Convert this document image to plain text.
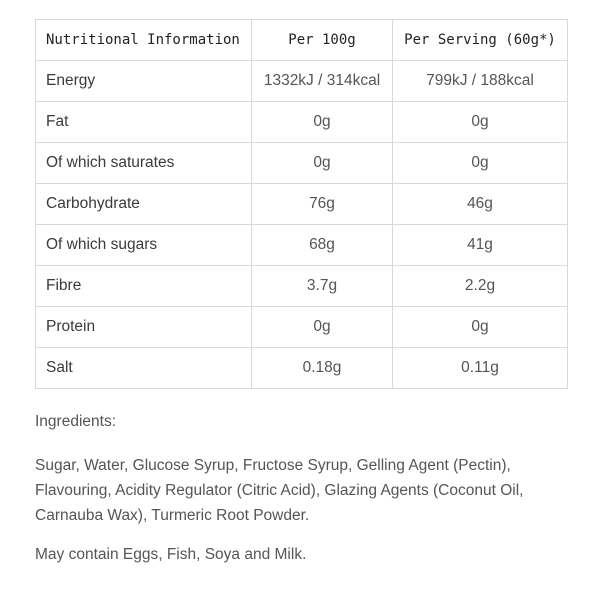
Nutritional Information	Per 100g	Per Serving (60g*)
Energy	1332kJ / 314kcal	799kJ / 188kcal
Fat	0g	0g
Of which saturates	0g	0g
Carbohydrate	76g	46g
Of which sugars	68g	41g
Fibre	3.7g	2.2g
Protein	0g	0g
Salt	0.18g	0.11g
Ingredients:
Sugar, Water, Glucose Syrup, Fructose Syrup, Gelling Agent (Pectin), Flavouring, Acidity Regulator (Citric Acid), Glazing Agents (Coconut Oil, Carnauba Wax), Turmeric Root Powder.
May contain Eggs, Fish, Soya and Milk.
